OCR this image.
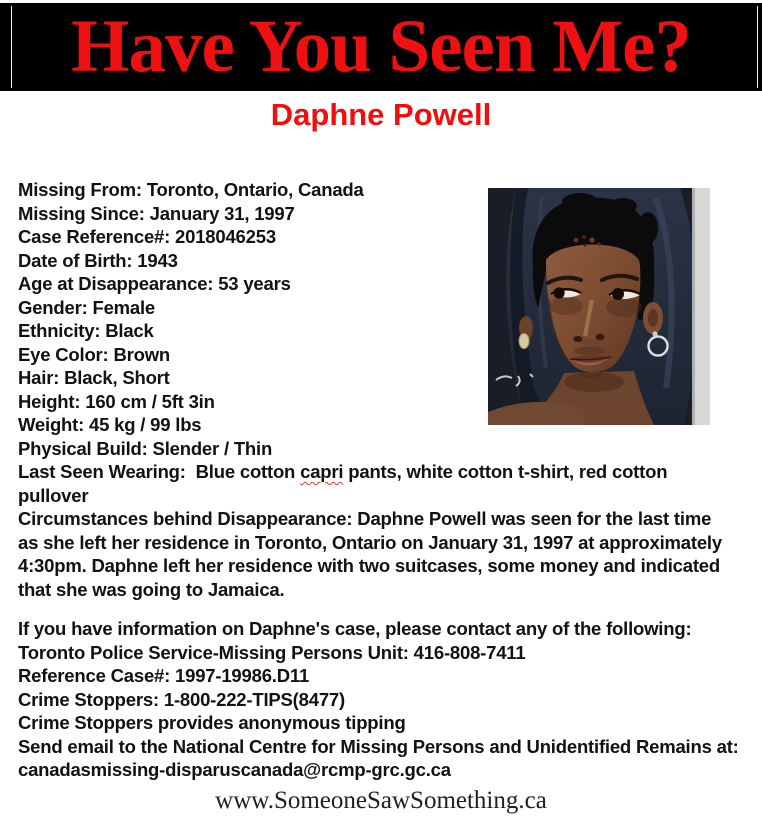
Have You Seen Me?
Daphne Powell
Missing From: Toronto, Ontario, Canada
Missing Since: January 31, 1997
Case Reference#: 2018046253
Date of Birth: 1943
Age at Disappearance: 53 years
Gender: Female
Ethnicity: Black
Eye Color: Brown
Hair: Black, Short
Height: 160 cm / 5ft 3in
Weight: 45 kg / 99 lbs
Physical Build: Slender / Thin
Last Seen Wearing:  Blue cotton capri pants, white cotton t-shirt, red cotton
pullover
Circumstances behind Disappearance: Daphne Powell was seen for the last time
as she left her residence in Toronto, Ontario on January 31, 1997 at approximately
4:30pm. Daphne left her residence with two suitcases, some money and indicated
that she was going to Jamaica.
If you have information on Daphne's case, please contact any of the following:
Toronto Police Service-Missing Persons Unit: 416-808-7411
Reference Case#: 1997-19986.D11
Crime Stoppers: 1-800-222-TIPS(8477)
Crime Stoppers provides anonymous tipping
Send email to the National Centre for Missing Persons and Unidentified Remains at:
canadasmissing-disparuscanada@rcmp-grc.gc.ca
www.SomeoneSawSomething.ca
